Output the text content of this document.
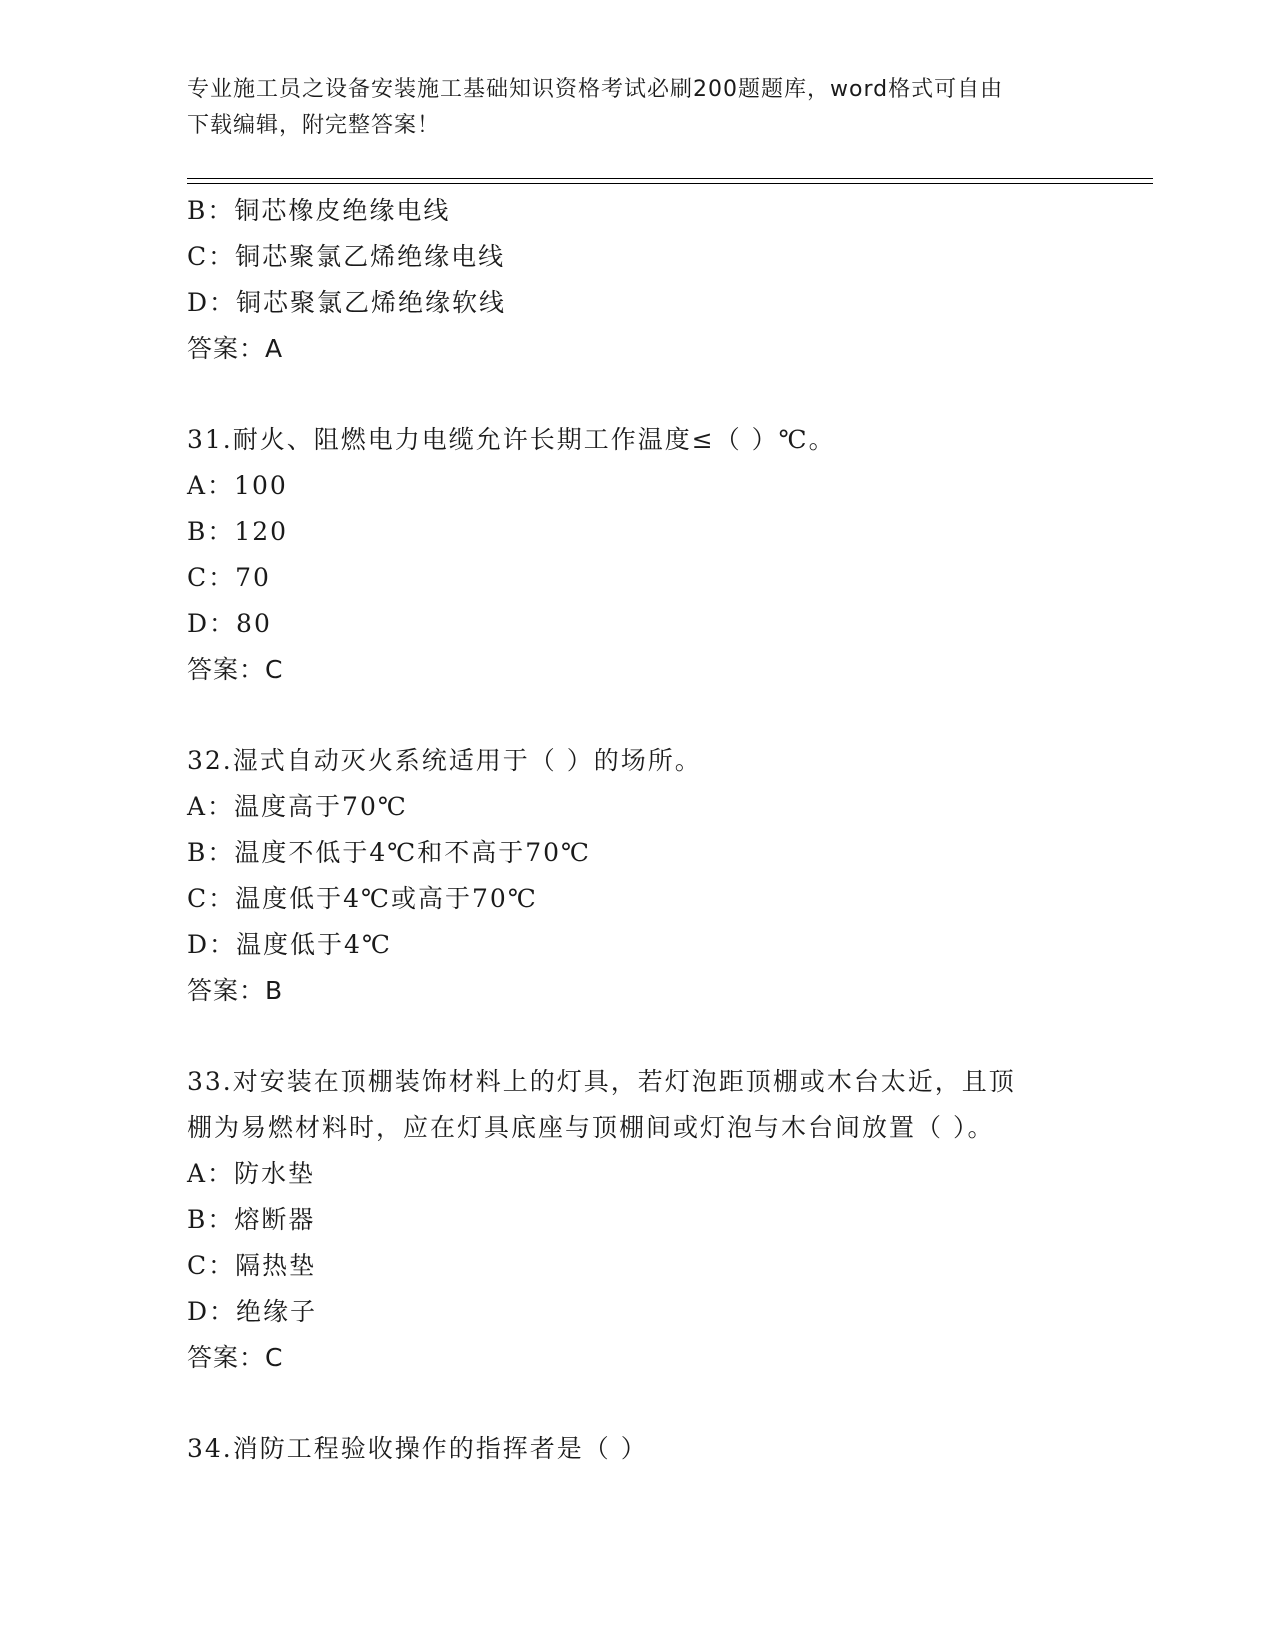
专业施工员之设备安装施工基础知识资格考试必刷200题题库，word格式可自由
下载编辑，附完整答案！
B：铜芯橡皮绝缘电线
C：铜芯聚氯乙烯绝缘电线
D：铜芯聚氯乙烯绝缘软线
答案：A
31.耐火、阻燃电力电缆允许长期工作温度≤（ ）℃。
A：100
B：120
C：70
D：80
答案：C
32.湿式自动灭火系统适用于（ ）的场所。
A：温度高于70℃
B：温度不低于4℃和不高于70℃
C：温度低于4℃或高于70℃
D：温度低于4℃
答案：B
33.对安装在顶棚装饰材料上的灯具，若灯泡距顶棚或木台太近，且顶
棚为易燃材料时，应在灯具底座与顶棚间或灯泡与木台间放置（ ）。
A：防水垫
B：熔断器
C：隔热垫
D：绝缘子
答案：C
34.消防工程验收操作的指挥者是（ ）
